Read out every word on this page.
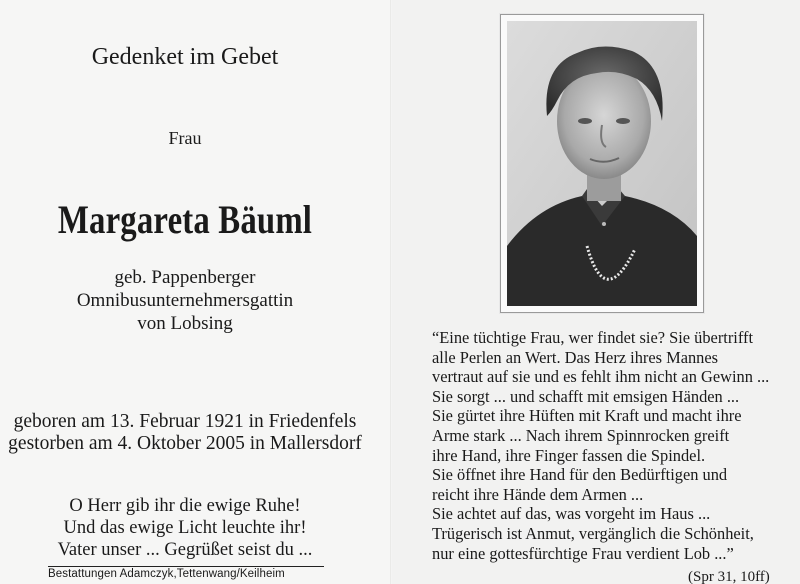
Gedenket im Gebet
Frau
Margareta Bäuml
geb. Pappenberger
Omnibusunternehmersgattin
von Lobsing
geboren am 13. Februar 1921 in Friedenfels
gestorben am 4. Oktober 2005 in Mallersdorf
O Herr gib ihr die ewige Ruhe!
Und das ewige Licht leuchte ihr!
Vater unser ... Gegrüßet seist du ...
Bestattungen Adamczyk,Tettenwang/Keilheim
“Eine tüchtige Frau, wer findet sie? Sie übertrifft
alle Perlen an Wert. Das Herz ihres Mannes
vertraut auf sie und es fehlt ihm nicht an Gewinn ...
Sie sorgt ... und schafft mit emsigen Händen ...
Sie gürtet ihre Hüften mit Kraft und macht ihre
Arme stark ... Nach ihrem Spinnrocken greift
ihre Hand, ihre Finger fassen die Spindel.
Sie öffnet ihre Hand für den Bedürftigen und
reicht ihre Hände dem Armen ...
Sie achtet auf das, was vorgeht im Haus ...
Trügerisch ist Anmut, vergänglich die Schönheit,
nur eine gottesfürchtige Frau verdient Lob ...”
(Spr 31, 10ff)
